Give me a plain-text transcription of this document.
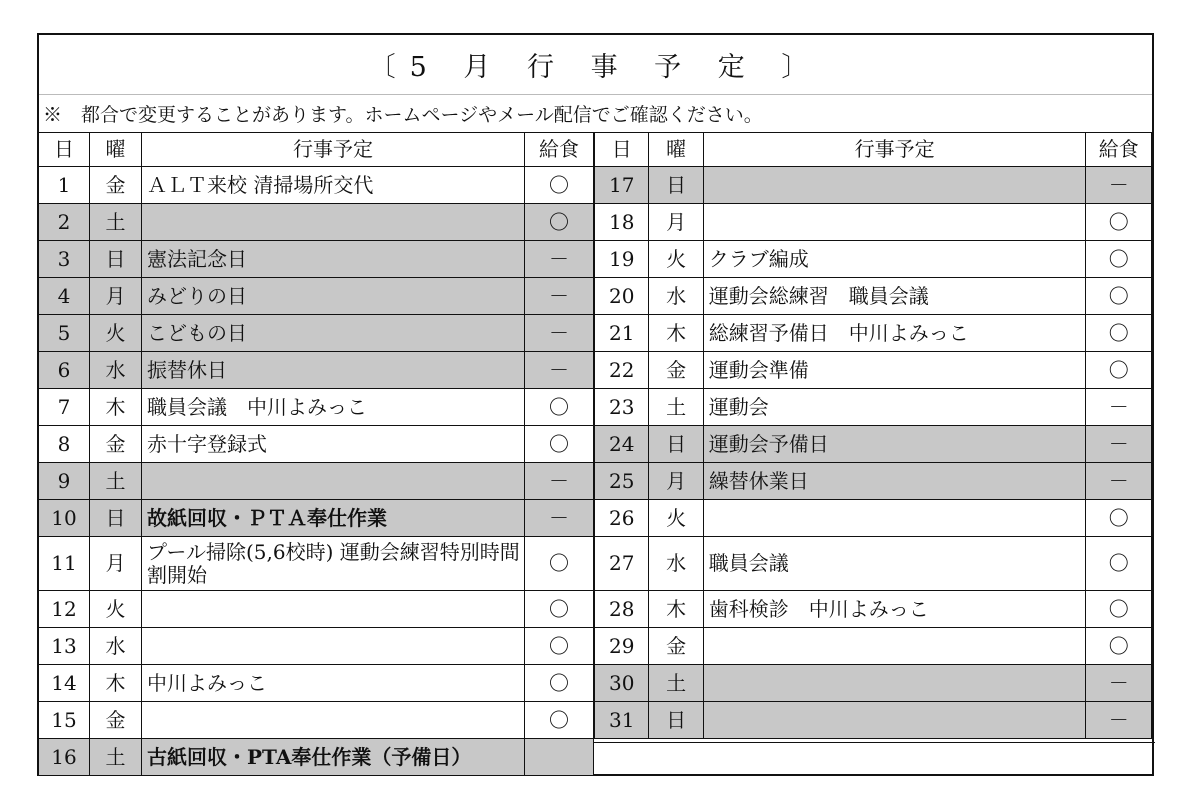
〔5 月 行 事 予 定 〕
※　都合で変更することがあります。ホームページやメール配信でご確認ください。
日	曜	行事予定	給食
1	金	ＡＬＴ来校 清掃場所交代	〇
2	土		〇
3	日	憲法記念日	－
4	月	みどりの日	－
5	火	こどもの日	－
6	水	振替休日	－
7	木	職員会議　中川よみっこ	〇
8	金	赤十字登録式	〇
9	土		－
10	日	故紙回収・ＰＴＡ奉仕作業	－
11	月	プール掃除(5,6校時) 運動会練習特別時間割開始	〇
12	火		〇
13	水		〇
14	木	中川よみっこ	〇
15	金		〇
16	土	古紙回収・PTA奉仕作業（予備日）	
日	曜	行事予定	給食
17	日		－
18	月		〇
19	火	クラブ編成	〇
20	水	運動会総練習　職員会議	〇
21	木	総練習予備日　中川よみっこ	〇
22	金	運動会準備	〇
23	土	運動会	－
24	日	運動会予備日	－
25	月	繰替休業日	－
26	火		〇
27	水	職員会議	〇
28	木	歯科検診　中川よみっこ	〇
29	金		〇
30	土		－
31	日		－
